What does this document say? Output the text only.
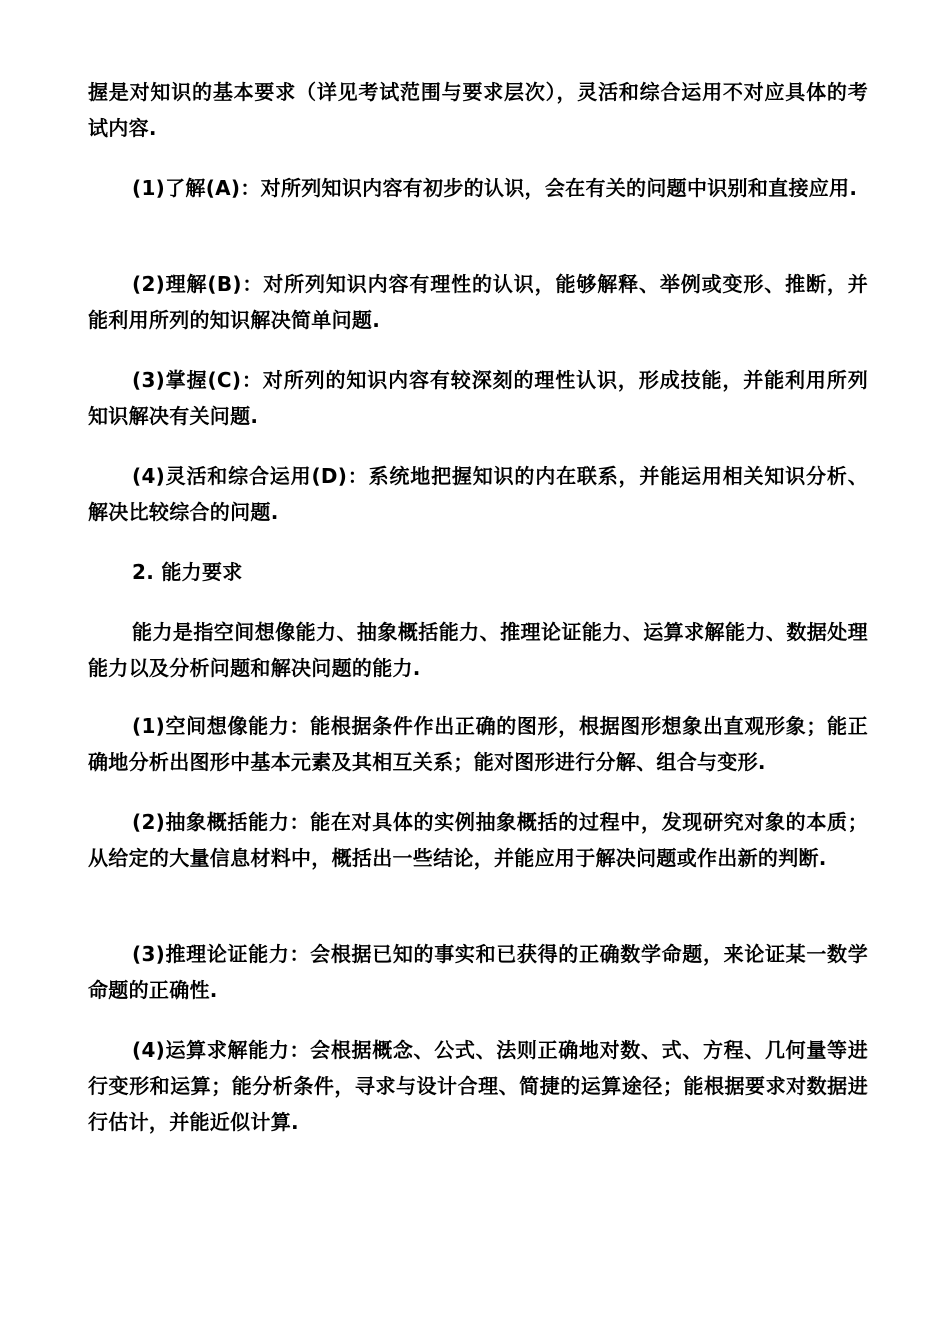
握是对知识的基本要求（详见考试范围与要求层次），灵活和综合运用不对应具体的考试内容.

(1)了解(A)：对所列知识内容有初步的认识，会在有关的问题中识别和直接应用.

(2)理解(B)：对所列知识内容有理性的认识，能够解释、举例或变形、推断，并能利用所列的知识解决简单问题.

(3)掌握(C)：对所列的知识内容有较深刻的理性认识，形成技能，并能利用所列知识解决有关问题.

(4)灵活和综合运用(D)：系统地把握知识的内在联系，并能运用相关知识分析、解决比较综合的问题.

2. 能力要求

能力是指空间想像能力、抽象概括能力、推理论证能力、运算求解能力、数据处理能力以及分析问题和解决问题的能力.

(1)空间想像能力：能根据条件作出正确的图形，根据图形想象出直观形象；能正确地分析出图形中基本元素及其相互关系；能对图形进行分解、组合与变形.

(2)抽象概括能力：能在对具体的实例抽象概括的过程中，发现研究对象的本质；从给定的大量信息材料中，概括出一些结论，并能应用于解决问题或作出新的判断.

(3)推理论证能力：会根据已知的事实和已获得的正确数学命题，来论证某一数学命题的正确性.

(4)运算求解能力：会根据概念、公式、法则正确地对数、式、方程、几何量等进行变形和运算；能分析条件，寻求与设计合理、简捷的运算途径；能根据要求对数据进行估计，并能近似计算.
